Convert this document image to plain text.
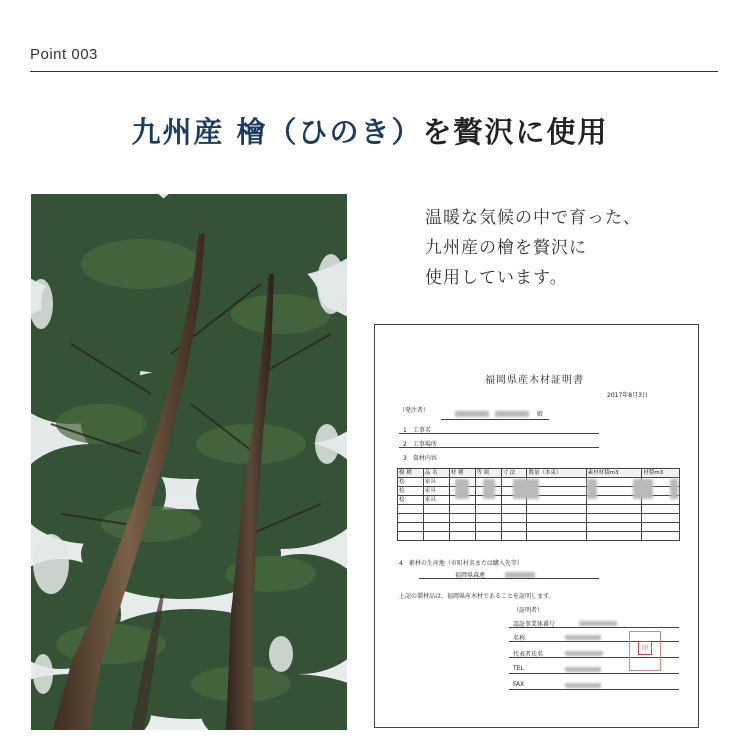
Point 003
九州産 檜（ひのき）を贅沢に使用
温暖な気候の中で育った、
九州産の檜を贅沢に
使用しています。
福岡県産木材証明書
2017年8月3日
（発注者）
殿
1　工事名
2　工事場所
3　資材内容
樹 種	品 名	材 種	等 級	寸 法	数量（本束）	素材材積m3	材積m3
桧	家具						
桧	家具						
桧	家具						

4　素材の生産地（市町村名または購入先等）
福岡県森連
上記の製材品は、福岡県産木材であることを証明します。
（証明者）
認証事業体番号
名称
代表者氏名
TEL
FAX
印
